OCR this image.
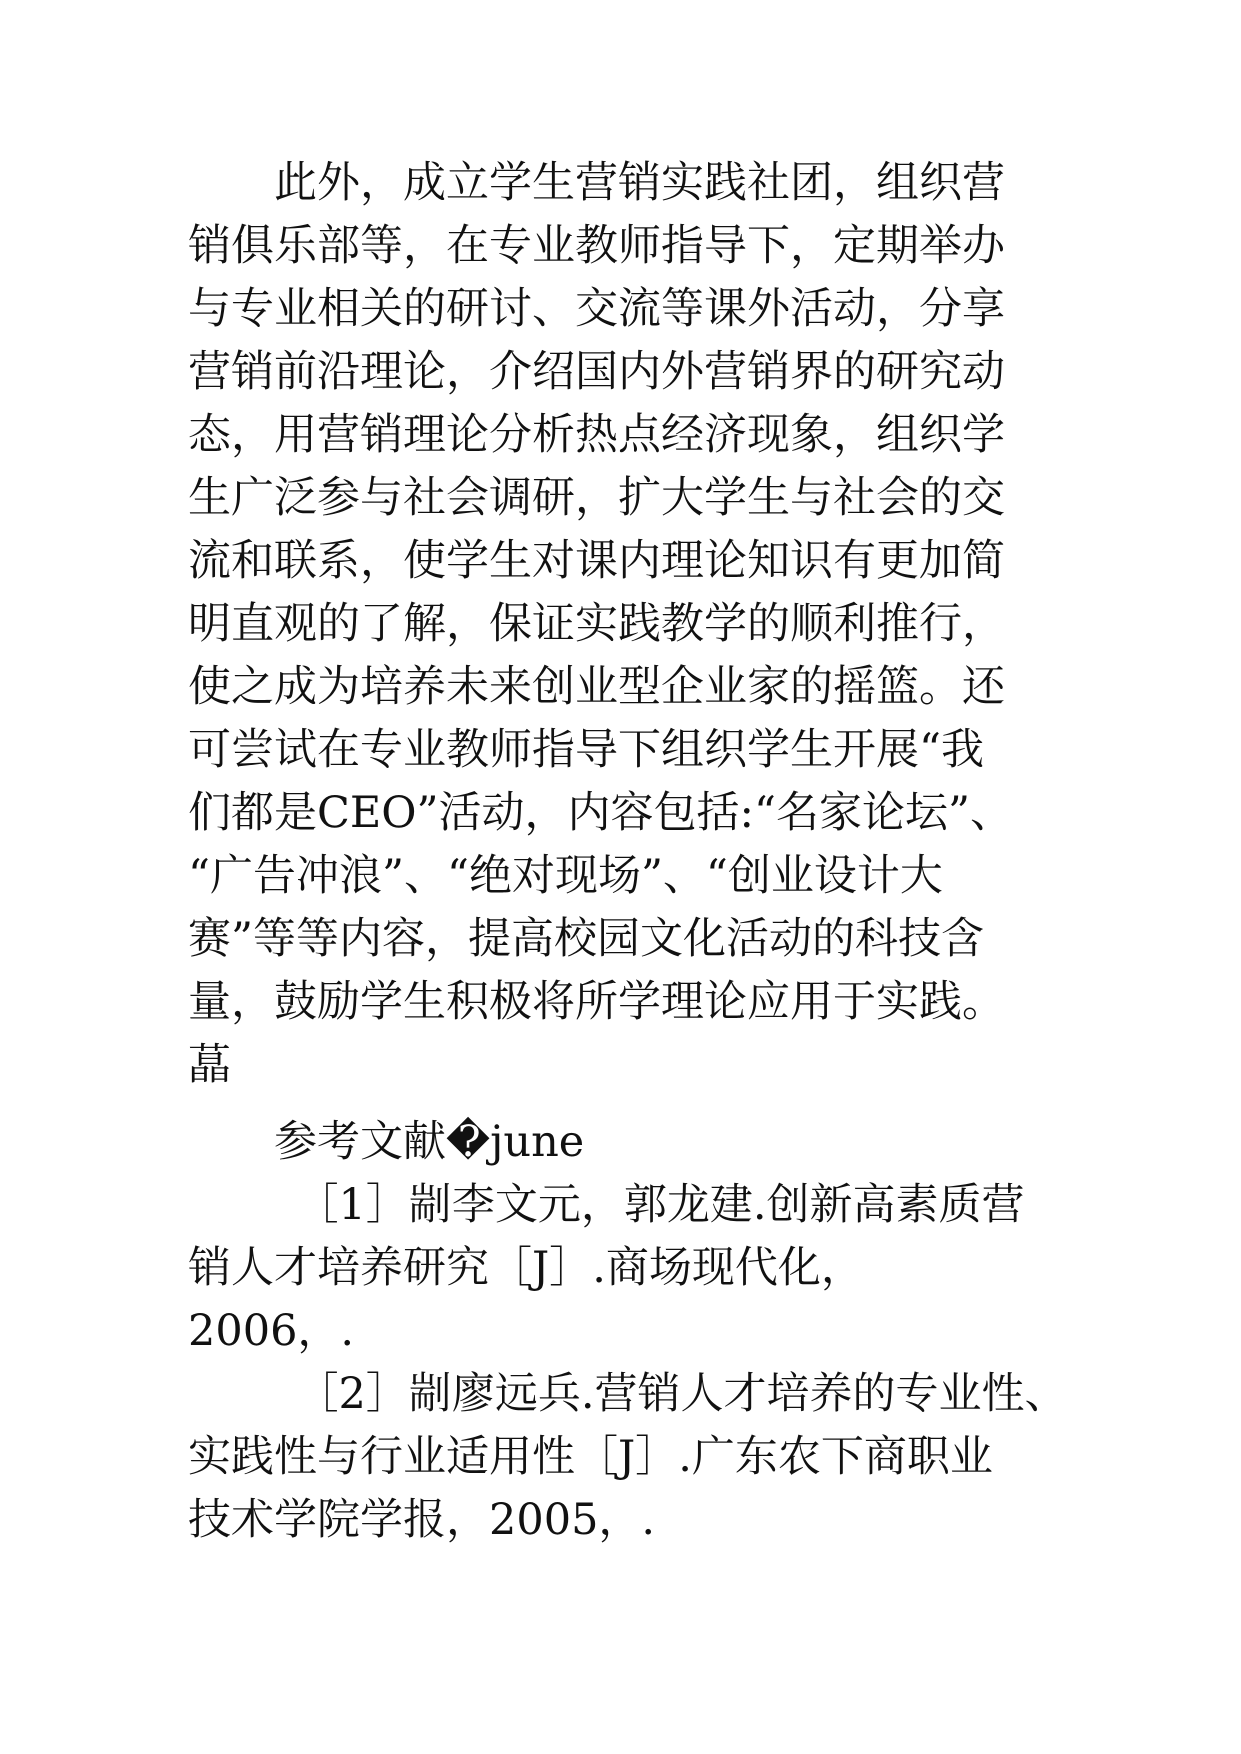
　　此外，成立学生营销实践社团，组织营
销俱乐部等，在专业教师指导下，定期举办
与专业相关的研讨、交流等课外活动，分享
营销前沿理论，介绍国内外营销界的研究动
态，用营销理论分析热点经济现象，组织学
生广泛参与社会调研，扩大学生与社会的交
流和联系，使学生对课内理论知识有更加简
明直观的了解，保证实践教学的顺利推行，
使之成为培养未来创业型企业家的摇篮。还
可尝试在专业教师指导下组织学生开展“我
们都是CEO”活动，内容包括:“名家论坛”、
“广告冲浪”、“绝对现场”、“创业设计大
赛”等等内容，提高校园文化活动的科技含
量，鼓励学生积极将所学理论应用于实践。
蕌
　　参考文献�june
　　　［1］剬李文元，郭龙建.创新高素质营
销人才培养研究［J］.商场现代化，
2006，.
　　　［2］剬廖远兵.营销人才培养的专业性、
实践性与行业适用性［J］.广东农下商职业
技术学院学报，2005，.
